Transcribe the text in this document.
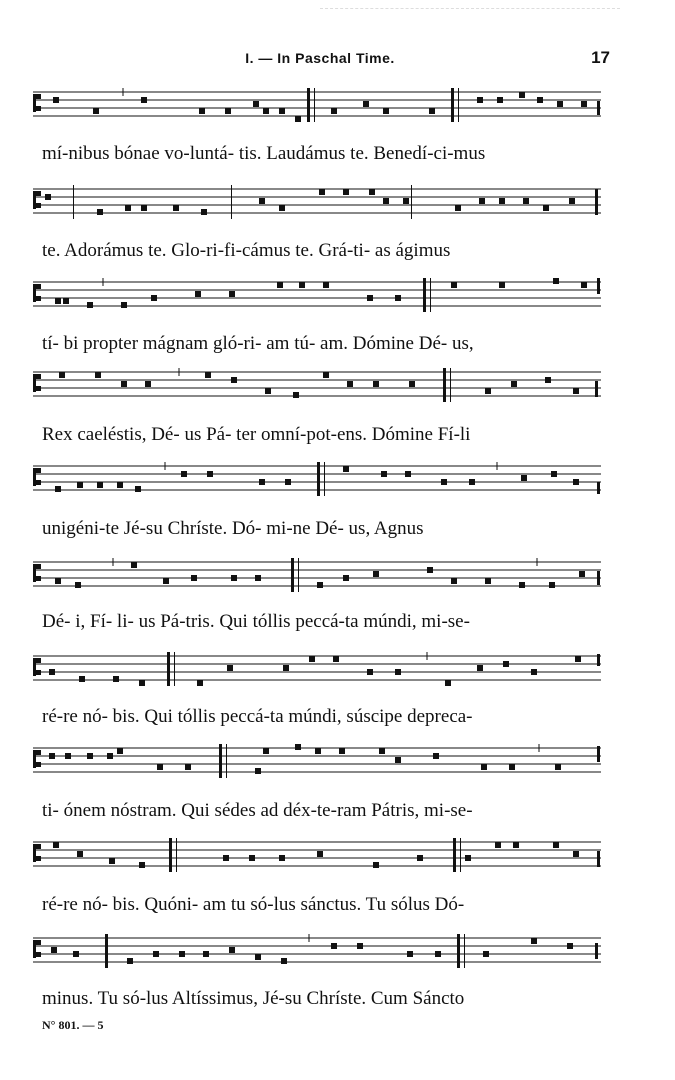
I. — In Paschal Time.	17
mí-nibus bónae vo-luntá- tis. Laudámus te. Benedí-ci-mus
te. Adorámus te. Glo-ri-fi-cámus te. Grá-ti- as ágimus
tí- bi propter mágnam gló-ri- am tú- am. Dómine Dé- us,
Rex caeléstis, Dé- us Pá- ter omní-pot-ens. Dómine Fí-li
unigéni-te Jé-su Chríste. Dó- mi-ne Dé- us, Agnus
Dé- i, Fí- li- us Pá-tris. Qui tóllis peccá-ta múndi, mi-se-
ré-re nó- bis. Qui tóllis peccá-ta múndi, súscipe depreca-
ti- ónem nóstram. Qui sédes ad déx-te-ram Pátris, mi-se-
ré-re nó- bis. Quóni- am tu só-lus sánctus. Tu sólus Dó-
minus. Tu só-lus Altíssimus, Jé-su Chríste. Cum Sáncto
N° 801. — 5
